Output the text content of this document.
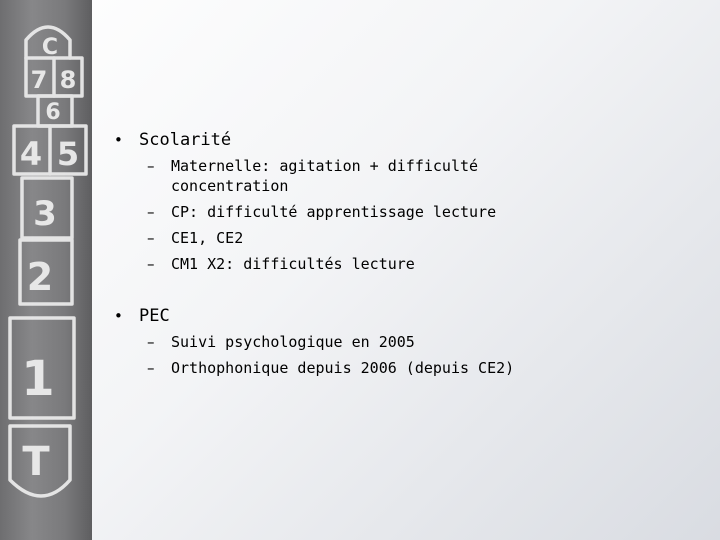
C
7 8
6
4 5
3
2
1
T
• Scolarité
– Maternelle: agitation + difficulté concentration
– CP: difficulté apprentissage lecture
– CE1, CE2
– CM1 X2: difficultés lecture
• PEC
– Suivi psychologique en 2005
– Orthophonique depuis 2006 (depuis CE2)
